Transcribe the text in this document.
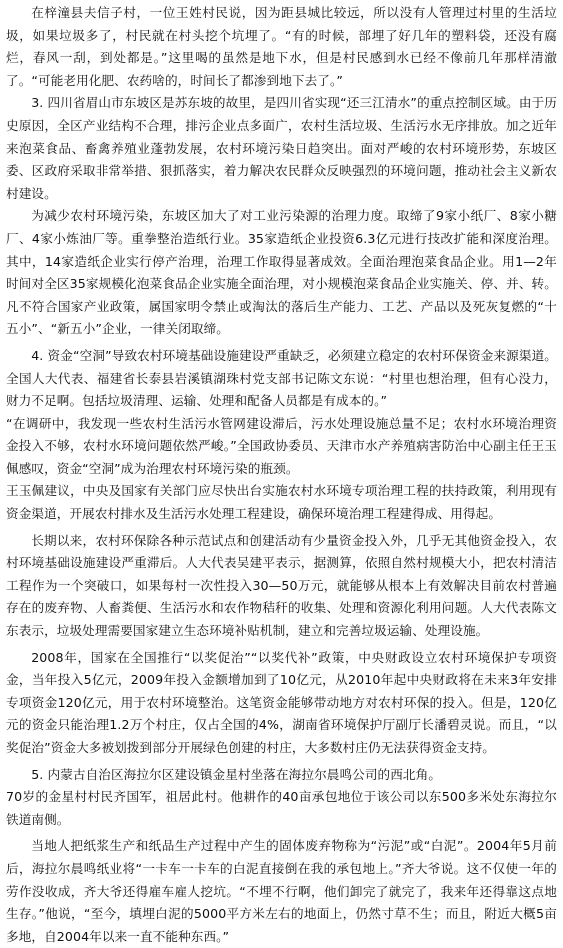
在梓潼县夫信子村，一位王姓村民说，因为距县城比较远，所以没有人管理过村里的生活垃圾，如果垃圾多了，村民就在村头挖个坑埋了。“有的时候，部埋了好几年的塑料袋，还没有腐烂，春风一刮，到处都是。”这里喝的虽然是地下水，但是村民感到水已经不像前几年那样清澈了。“可能老用化肥、农药啥的，时间长了都渗到地下去了。”

3. 四川省眉山市东坡区是苏东坡的故里，是四川省实现“还三江清水”的重点控制区域。由于历史原因，全区产业结构不合理，排污企业点多面广，农村生活垃圾、生活污水无序排放。加之近年来泡菜食品、畜禽养殖业蓬勃发展，农村环境污染日趋突出。面对严峻的农村环境形势，东坡区委、区政府采取非常举措、狠抓落实，着力解决农民群众反映强烈的环境问题，推动社会主义新农村建设。

为减少农村环境污染，东坡区加大了对工业污染源的治理力度。取缔了9家小纸厂、8家小糖厂、4家小炼油厂等。重拳整治造纸行业。35家造纸企业投资6.3亿元进行技改扩能和深度治理。其中，14家造纸企业实行停产治理，治理工作取得显著成效。全面治理泡菜食品企业。用1—2年时间对全区35家规模化泡菜食品企业实施全面治理，对小规模泡菜食品企业实施关、停、并、转。凡不符合国家产业政策，属国家明令禁止或淘汰的落后生产能力、工艺、产品以及死灰复燃的“十五小”、“新五小”企业，一律关闭取缔。

4. 资金“空洞”导致农村环境基础设施建设严重缺乏，必须建立稳定的农村环保资金来源渠道。全国人大代表、福建省长泰县岩溪镇湖珠村党支部书记陈文东说：“村里也想治理，但有心没力，财力不足啊。包括垃圾清理、运输、处理和配备人员都是有成本的。”

“在调研中，我发现一些农村生活污水管网建设滞后，污水处理设施总量不足；农村水环境治理资金投入不够，农村水环境问题依然严峻。”全国政协委员、天津市水产养殖病害防治中心副主任王玉佩感叹，资金“空洞”成为治理农村环境污染的瓶颈。

王玉佩建议，中央及国家有关部门应尽快出台实施农村水环境专项治理工程的扶持政策，利用现有资金渠道，开展农村排水及生活污水处理工程建设，确保环境治理工程建得成、用得起。

长期以来，农村环保除各种示范试点和创建活动有少量资金投入外，几乎无其他资金投入，农村环境基础设施建设严重滞后。人大代表吴建平表示，据测算，依照自然村规模大小，把农村清洁工程作为一个突破口，如果每村一次性投入30—50万元，就能够从根本上有效解决目前农村普遍存在的废弃物、人畜粪便、生活污水和农作物秸秆的收集、处理和资源化利用问题。人大代表陈文东表示，垃圾处理需要国家建立生态环境补贴机制，建立和完善垃圾运输、处理设施。

2008年，国家在全国推行“以奖促治”“以奖代补”政策，中央财政设立农村环境保护专项资金，当年投入5亿元，2009年投入金额增加到了10亿元，从2010年起中央财政将在未来3年安排专项资金120亿元，用于农村环境整治。这笔资金能够带动地方对农村环保的投入。但是，120亿元的资金只能治理1.2万个村庄，仅占全国的4%，湖南省环境保护厅副厅长潘碧灵说。而且，“以奖促治”资金大多被划拨到部分开展绿色创建的村庄，大多数村庄仍无法获得资金支持。

5. 内蒙古自治区海拉尔区建设镇金星村坐落在海拉尔晨鸣公司的西北角。

70岁的金星村村民齐国军，祖居此村。他耕作的40亩承包地位于该公司以东500多米处东海拉尔铁道南侧。

当地人把纸浆生产和纸品生产过程中产生的固体废弃物称为“污泥”或“白泥”。2004年5月前后，海拉尔晨鸣纸业将“一卡车一卡车的白泥直接倒在我的承包地上。”齐大爷说。这不仅使一年的劳作没收成，齐大爷还得雇车雇人挖坑。“不埋不行啊，他们卸完了就完了，我来年还得靠这点地生存。”他说，“至今，填埋白泥的5000平方米左右的地面上，仍然寸草不生；而且，附近大概5亩多地，自2004年以来一直不能种东西。”
